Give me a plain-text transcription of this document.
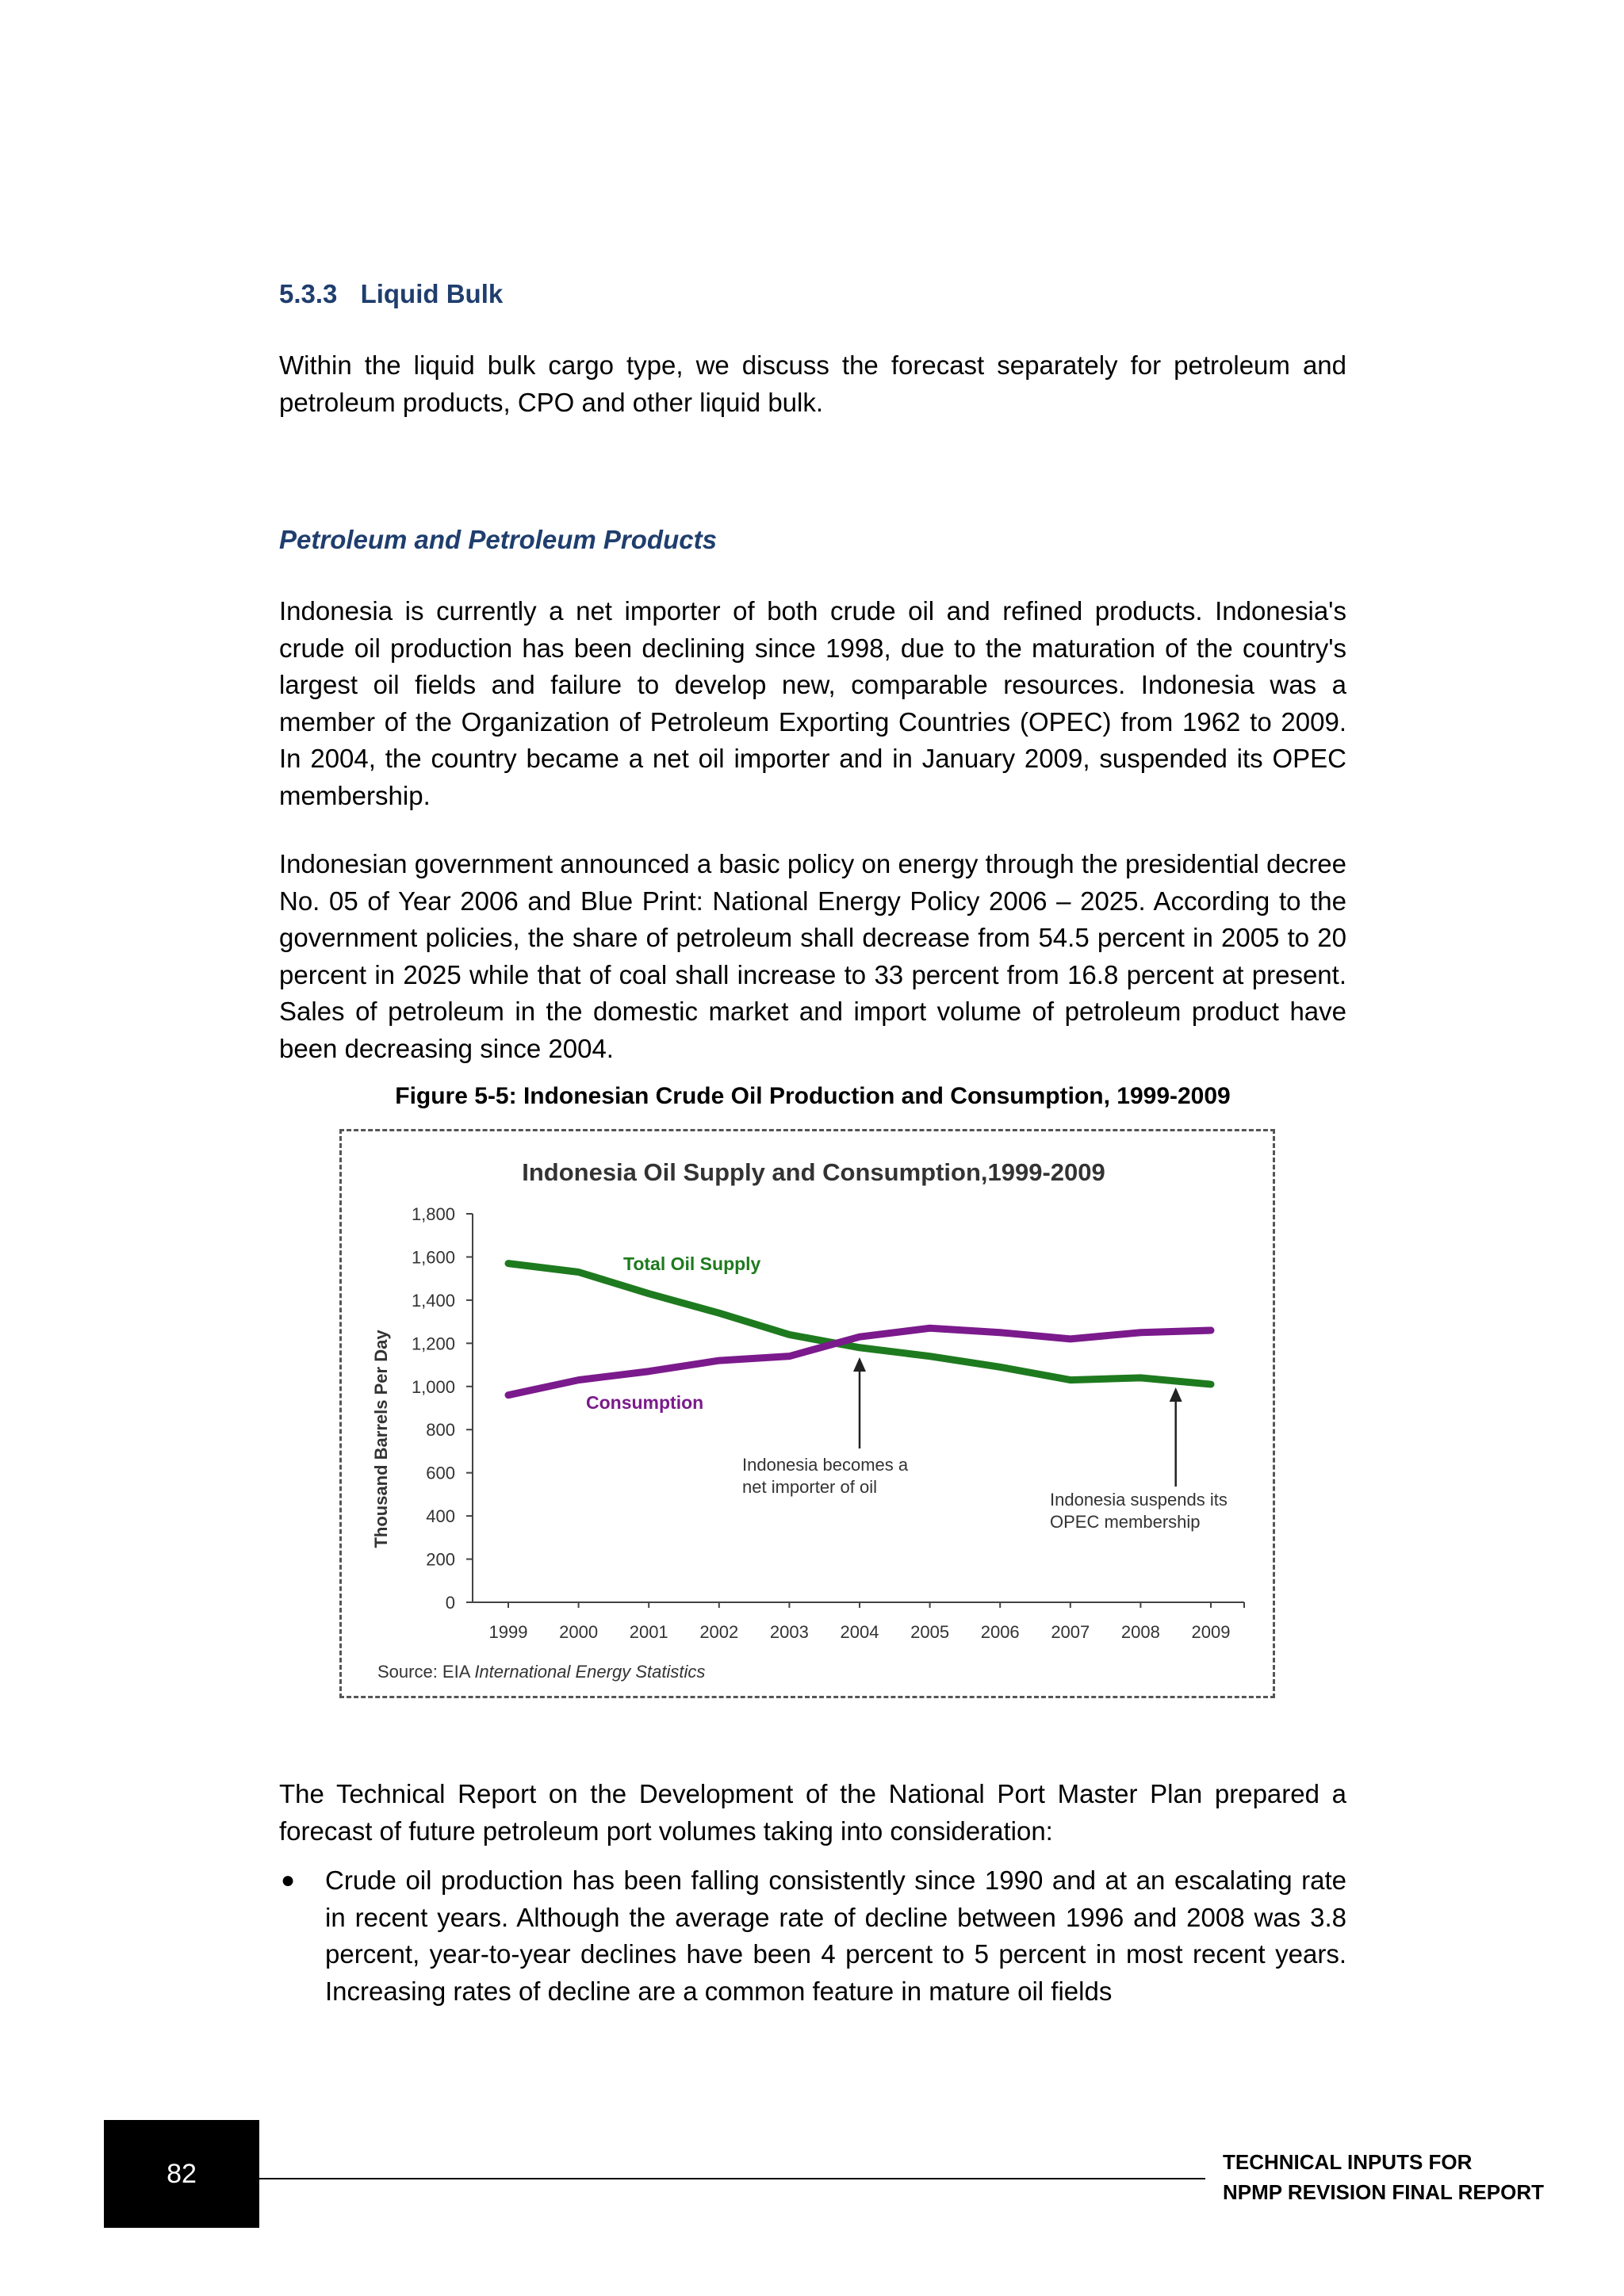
5.3.3 Liquid Bulk

Within the liquid bulk cargo type, we discuss the forecast separately for petroleum and petroleum products, CPO and other liquid bulk.

Petroleum and Petroleum Products

Indonesia is currently a net importer of both crude oil and refined products. Indonesia's crude oil production has been declining since 1998, due to the maturation of the country's largest oil fields and failure to develop new, comparable resources. Indonesia was a member of the Organization of Petroleum Exporting Countries (OPEC) from 1962 to 2009. In 2004, the country became a net oil importer and in January 2009, suspended its OPEC membership.

Indonesian government announced a basic policy on energy through the presidential decree No. 05 of Year 2006 and Blue Print: National Energy Policy 2006 – 2025. According to the government policies, the share of petroleum shall decrease from 54.5 percent in 2005 to 20 percent in 2025 while that of coal shall increase to 33 percent from 16.8 percent at present. Sales of petroleum in the domestic market and import volume of petroleum product have been decreasing since 2004.

Figure 5-5: Indonesian Crude Oil Production and Consumption, 1999-2009

Indonesia Oil Supply and Consumption,1999-2009
Thousand Barrels Per Day
0
200
400
600
800
1,000
1,200
1,400
1,600
1,800
1999 2000 2001 2002 2003 2004 2005 2006 2007 2008 2009
Total Oil Supply
Consumption
Indonesia becomes a
net importer of oil
Indonesia suspends its
OPEC membership
Source: EIA International Energy Statistics

The Technical Report on the Development of the National Port Master Plan prepared a forecast of future petroleum port volumes taking into consideration:

● Crude oil production has been falling consistently since 1990 and at an escalating rate in recent years. Although the average rate of decline between 1996 and 2008 was 3.8 percent, year-to-year declines have been 4 percent to 5 percent in most recent years. Increasing rates of decline are a common feature in mature oil fields
82	TECHNICAL INPUTS FOR
NPMP REVISION FINAL REPORT
